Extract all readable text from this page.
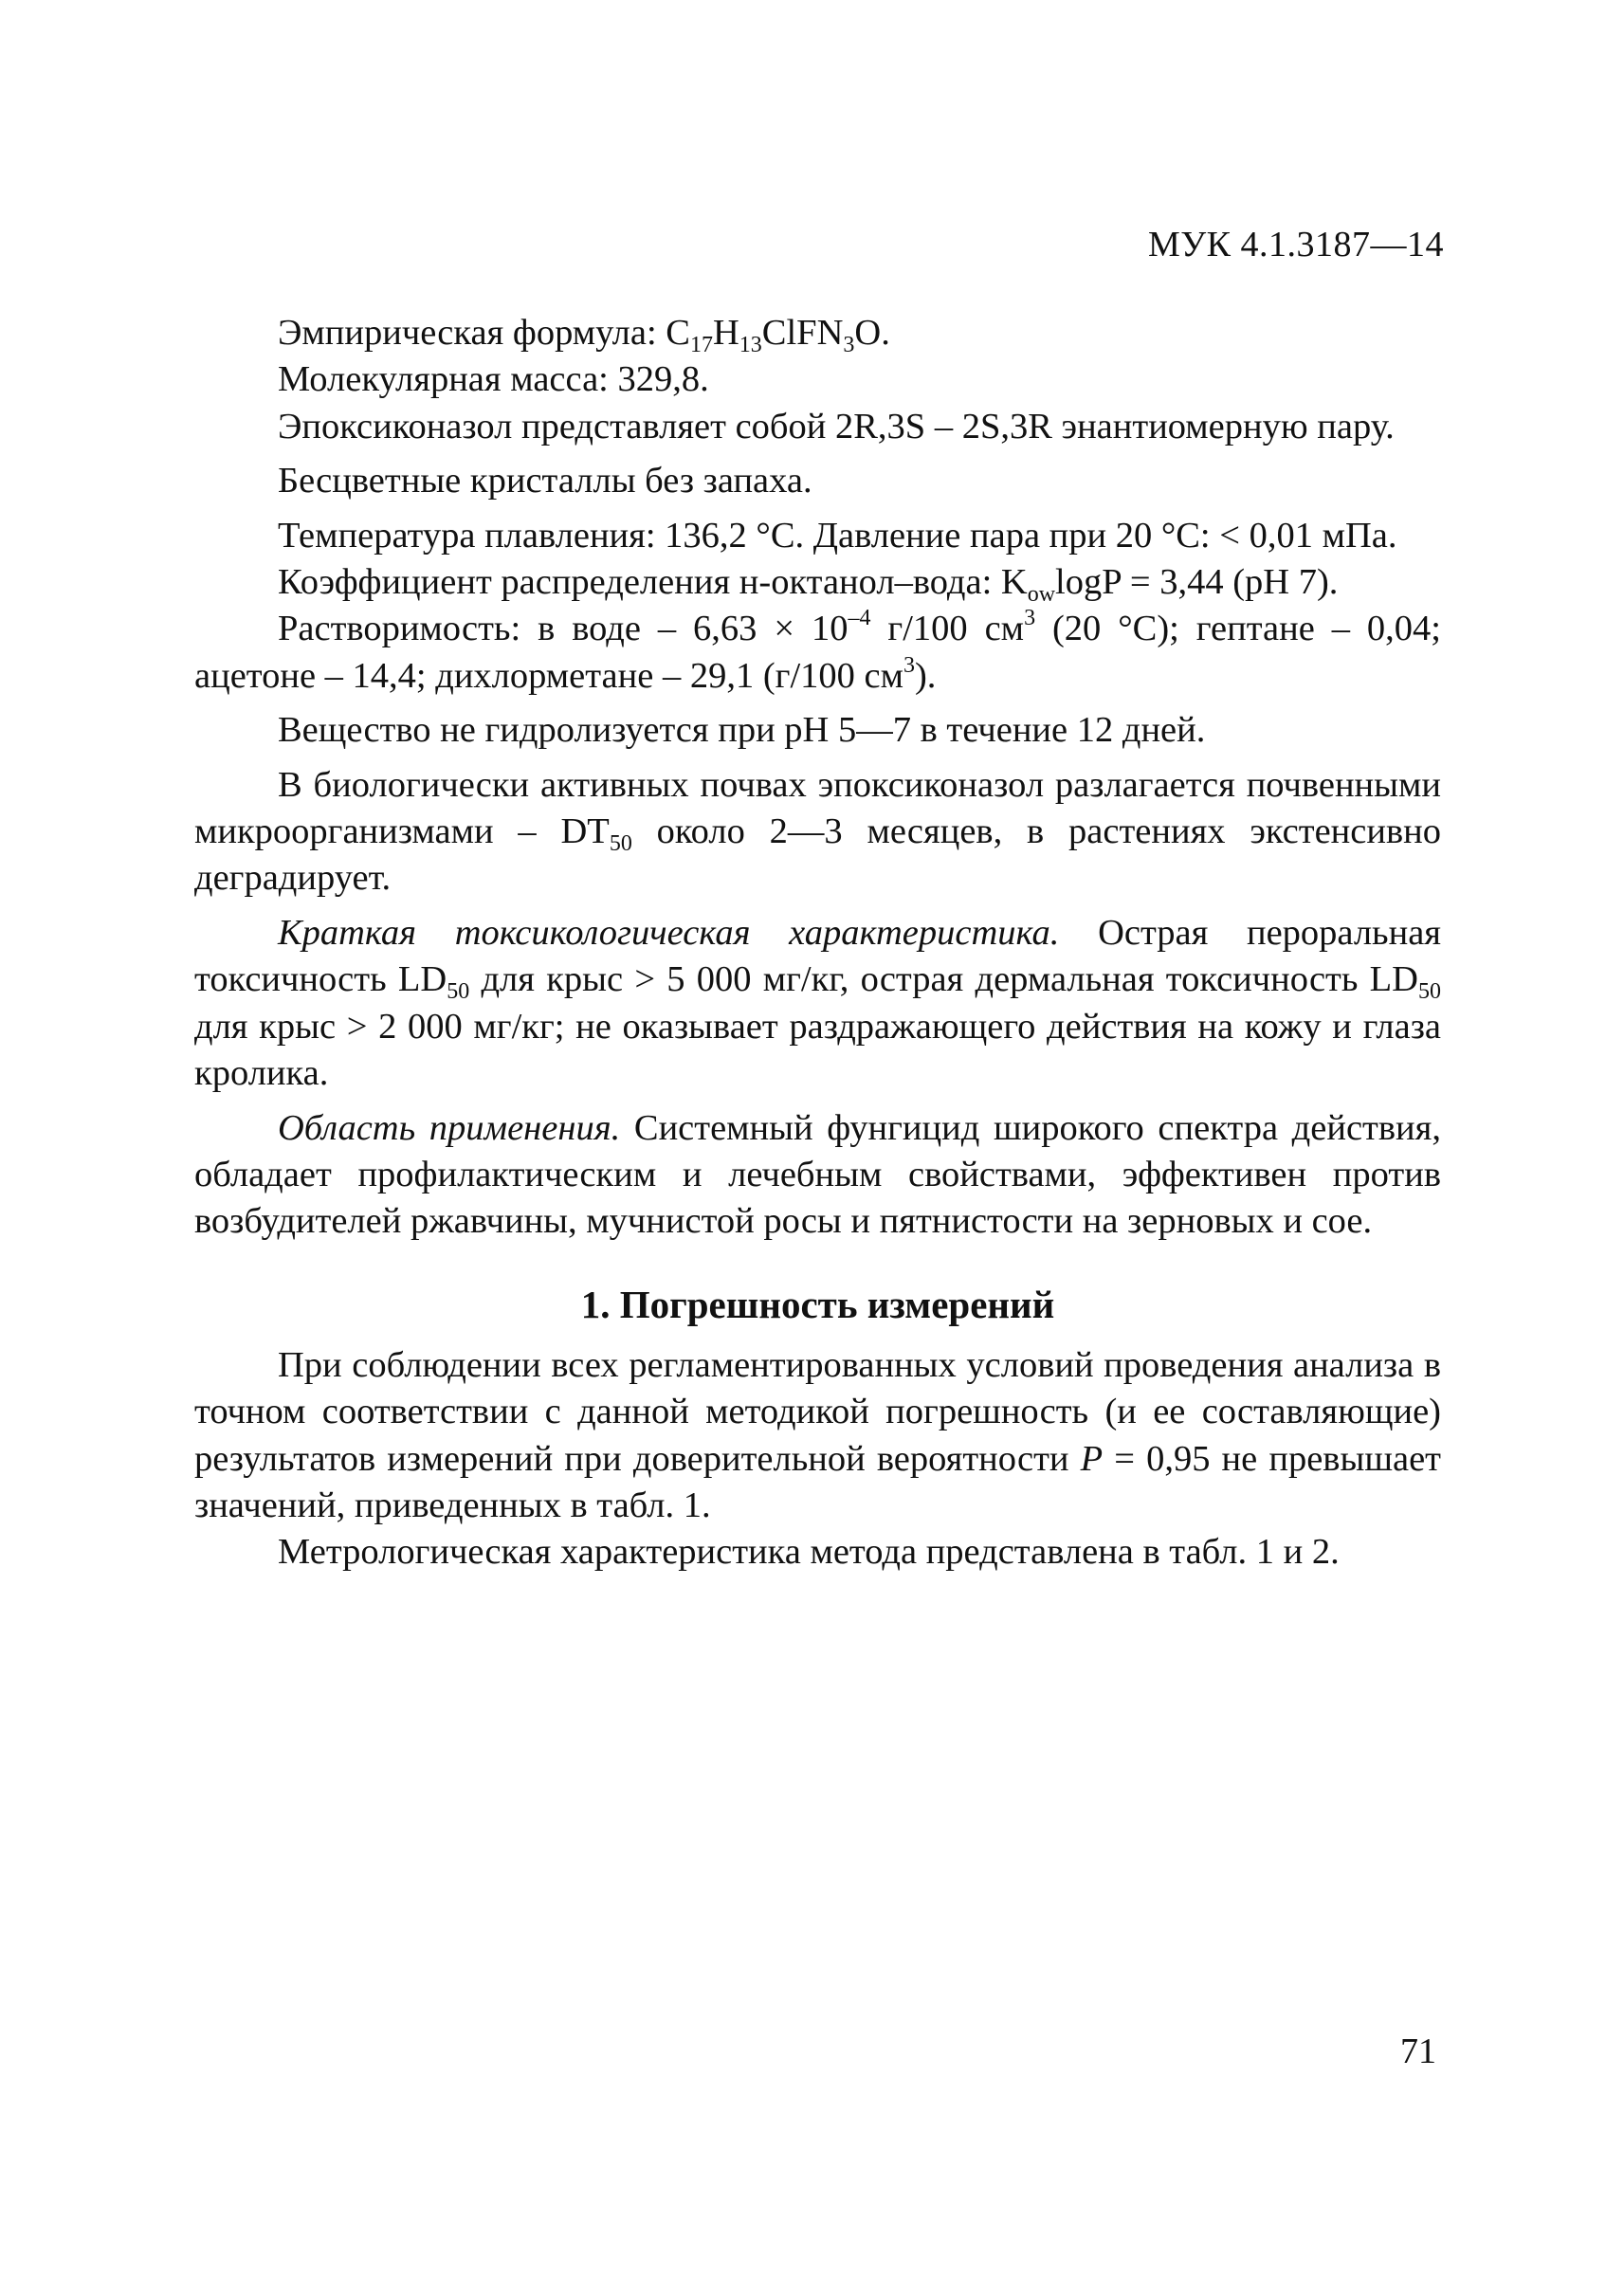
МУК 4.1.3187—14

Эмпирическая формула: $C_{17}H_{13}ClFN_3O$.

Молекулярная масса: 329,8.

Эпоксиконазол представляет собой 2R,3S – 2S,3R энантиомерную пару.

Бесцветные кристаллы без запаха.

Температура плавления: 136,2 °C. Давление пара при 20 °C: < 0,01 мПа.

Коэффициент распределения н-октанол–вода: $K_{ow}\log P = 3,44$ (pH 7).

Растворимость: в воде – $6,63 \times 10^{-4}$ г/100 $см^3$ (20 °C); гептане – 0,04; ацетоне – 14,4; дихлорметане – 29,1 (г/100 $см^3$).

Вещество не гидролизуется при pH 5—7 в течение 12 дней.

В биологически активных почвах эпоксиконазол разлагается почвенными микроорганизмами – $DT_{50}$ около 2—3 месяцев, в растениях экстенсивно деградирует.

Краткая токсикологическая характеристика. Острая пероральная токсичность $LD_{50}$ для крыс > 5 000 мг/кг, острая дермальная токсичность $LD_{50}$ для крыс > 2 000 мг/кг; не оказывает раздражающего действия на кожу и глаза кролика.

Область применения. Системный фунгицид широкого спектра действия, обладает профилактическим и лечебным свойствами, эффективен против возбудителей ржавчины, мучнистой росы и пятнистости на зерновых и сое.

1. Погрешность измерений

При соблюдении всех регламентированных условий проведения анализа в точном соответствии с данной методикой погрешность (и ее составляющие) результатов измерений при доверительной вероятности P = 0,95 не превышает значений, приведенных в табл. 1.

Метрологическая характеристика метода представлена в табл. 1 и 2.

71
